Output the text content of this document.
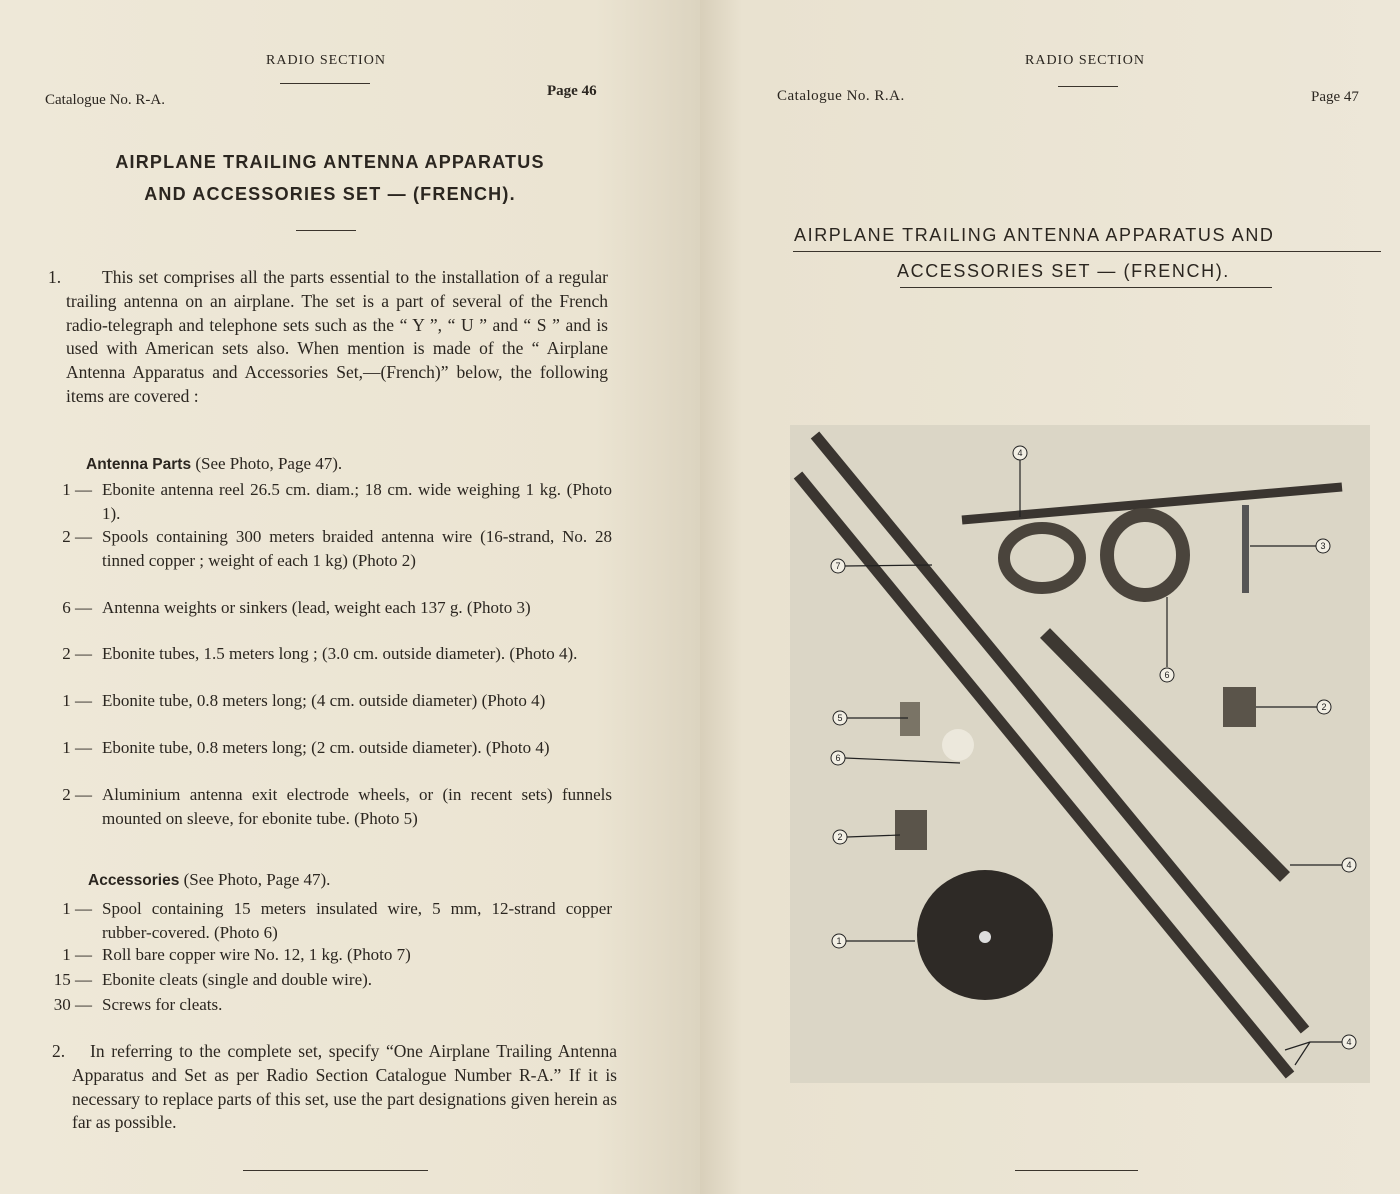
RADIO SECTION
Catalogue No. R-A.
Page 46
AIRPLANE TRAILING ANTENNA APPARATUS
AND ACCESSORIES SET — (FRENCH).
1.	This set comprises all the parts essential to the installation of a regular trailing antenna on an airplane. The set is a part of several of the French radio-telegraph and telephone sets such as the “ Y ”, “ U ” and “ S ” and is used with American sets also. When mention is made of the “ Airplane Antenna Apparatus and Accessories Set,—(French)” below, the following items are covered :
Antenna Parts (See Photo, Page 47).
1 — Ebonite antenna reel 26.5 cm. diam.; 18 cm. wide weighing 1 kg. (Photo 1).
2 — Spools containing 300 meters braided antenna wire (16-strand, No. 28 tinned copper ; weight of each 1 kg) (Photo 2)
6 — Antenna weights or sinkers (lead, weight each 137 g. (Photo 3)
2 — Ebonite tubes, 1.5 meters long ; (3.0 cm. outside diameter). (Photo 4).
1 — Ebonite tube, 0.8 meters long; (4 cm. outside diameter) (Photo 4)
1 — Ebonite tube, 0.8 meters long; (2 cm. outside diameter). (Photo 4)
2 — Aluminium antenna exit electrode wheels, or (in recent sets) funnels mounted on sleeve, for ebonite tube. (Photo 5)
Accessories (See Photo, Page 47).
1 — Spool containing 15 meters insulated wire, 5 mm, 12-strand copper rubber-covered. (Photo 6)
1 — Roll bare copper wire No. 12, 1 kg. (Photo 7)
15 — Ebonite cleats (single and double wire).
30 — Screws for cleats.
2.	In referring to the complete set, specify “One Airplane Trailing Antenna Apparatus and Set as per Radio Section Catalogue Number R-A.” If it is necessary to replace parts of this set, use the part designations given herein as far as possible.
RADIO SECTION
Catalogue No. R.A.	Page 47
AIRPLANE TRAILING ANTENNA APPARATUS AND
ACCESSORIES SET — (FRENCH).
4
7
6
3
2
5
6
2
4
1
4
